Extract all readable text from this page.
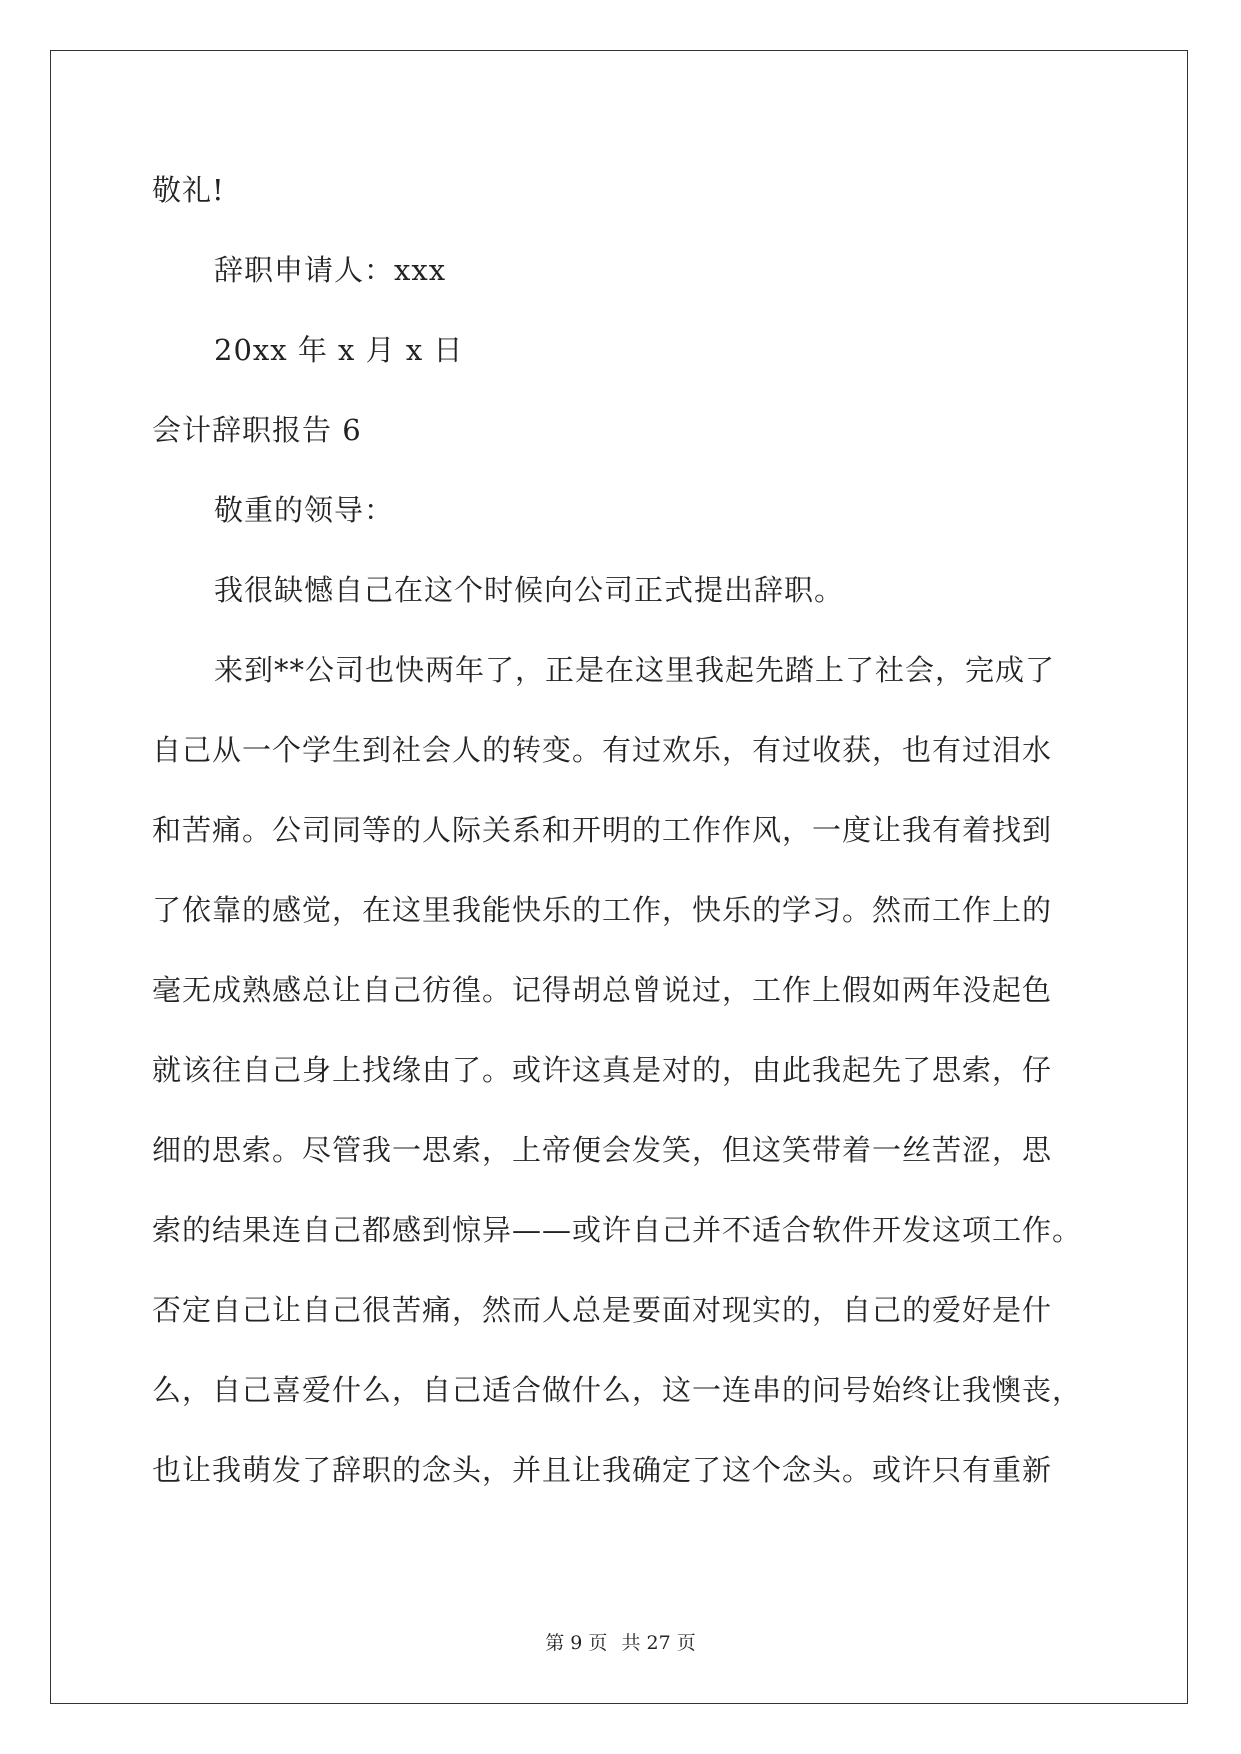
敬礼!
辞职申请人：xxx
20xx 年 x 月 x 日
会计辞职报告 6
敬重的领导：
我很缺憾自己在这个时候向公司正式提出辞职。
来到**公司也快两年了，正是在这里我起先踏上了社会，完成了
自己从一个学生到社会人的转变。有过欢乐，有过收获，也有过泪水
和苦痛。公司同等的人际关系和开明的工作作风，一度让我有着找到
了依靠的感觉，在这里我能快乐的工作，快乐的学习。然而工作上的
毫无成熟感总让自己彷徨。记得胡总曾说过，工作上假如两年没起色
就该往自己身上找缘由了。或许这真是对的，由此我起先了思索，仔
细的思索。尽管我一思索，上帝便会发笑，但这笑带着一丝苦涩，思
索的结果连自己都感到惊异——或许自己并不适合软件开发这项工作。
否定自己让自己很苦痛，然而人总是要面对现实的，自己的爱好是什
么，自己喜爱什么，自己适合做什么，这一连串的问号始终让我懊丧，
也让我萌发了辞职的念头，并且让我确定了这个念头。或许只有重新
第 9 页 共 27 页
